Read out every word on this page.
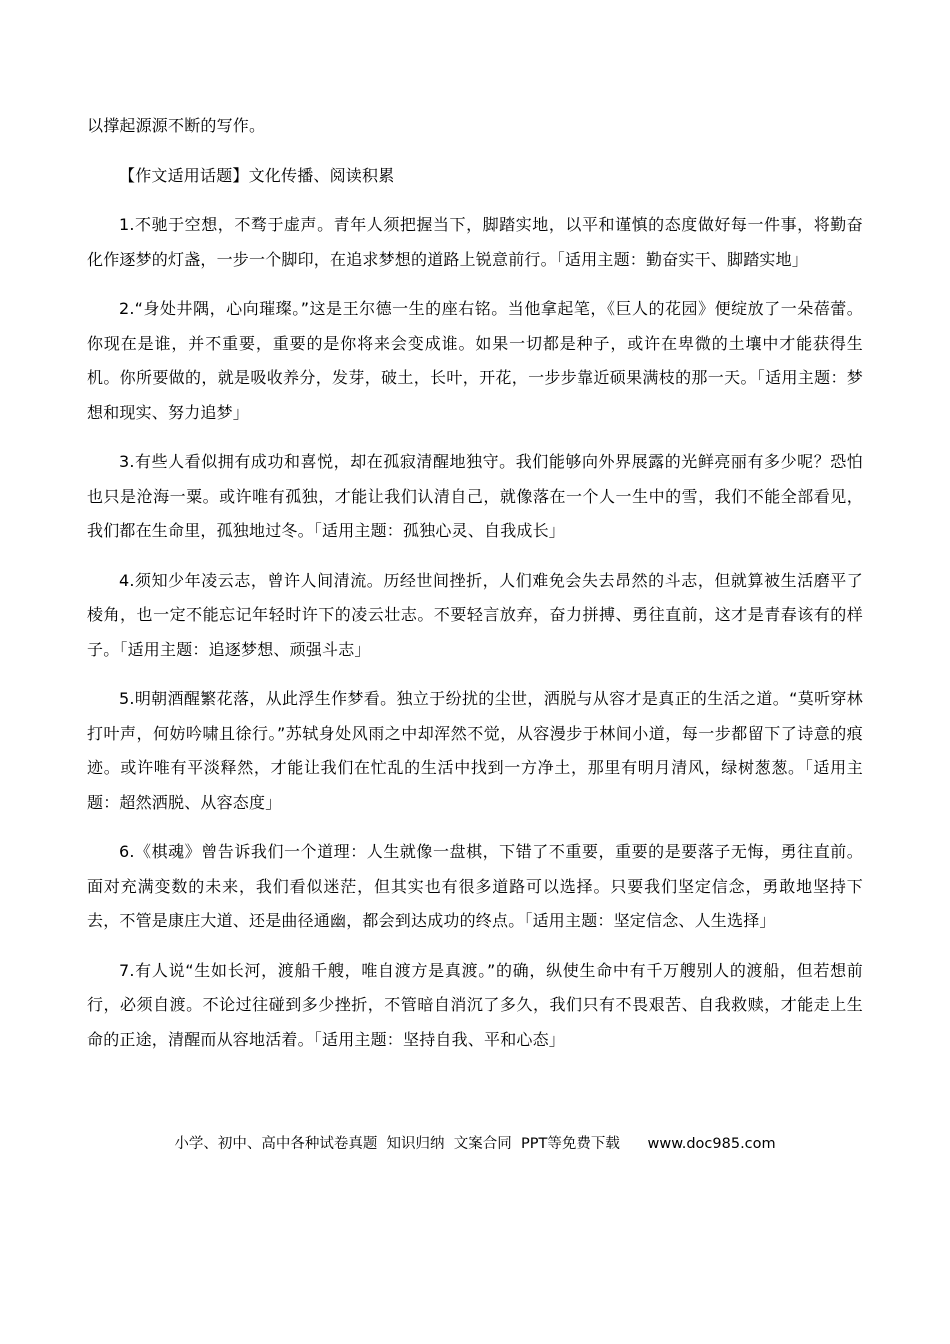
以撑起源源不断的写作。

【作文适用话题】文化传播、阅读积累

1.不驰于空想，不骛于虚声。青年人须把握当下，脚踏实地，以平和谨慎的态度做好每一件事，将勤奋化作逐梦的灯盏，一步一个脚印，在追求梦想的道路上锐意前行。「适用主题：勤奋实干、脚踏实地」

2.“身处井隅，心向璀璨。”这是王尔德一生的座右铭。当他拿起笔，《巨人的花园》便绽放了一朵蓓蕾。你现在是谁，并不重要，重要的是你将来会变成谁。如果一切都是种子，或许在卑微的土壤中才能获得生机。你所要做的，就是吸收养分，发芽，破土，长叶，开花，一步步靠近硕果满枝的那一天。「适用主题：梦想和现实、努力追梦」

3.有些人看似拥有成功和喜悦，却在孤寂清醒地独守。我们能够向外界展露的光鲜亮丽有多少呢？恐怕也只是沧海一粟。或许唯有孤独，才能让我们认清自己，就像落在一个人一生中的雪，我们不能全部看见，我们都在生命里，孤独地过冬。「适用主题：孤独心灵、自我成长」

4.须知少年凌云志，曾许人间清流。历经世间挫折，人们难免会失去昂然的斗志，但就算被生活磨平了棱角，也一定不能忘记年轻时许下的凌云壮志。不要轻言放弃，奋力拼搏、勇往直前，这才是青春该有的样子。「适用主题：追逐梦想、顽强斗志」

5.明朝酒醒繁花落，从此浮生作梦看。独立于纷扰的尘世，洒脱与从容才是真正的生活之道。“莫听穿林打叶声，何妨吟啸且徐行。”苏轼身处风雨之中却浑然不觉，从容漫步于林间小道，每一步都留下了诗意的痕迹。或许唯有平淡释然，才能让我们在忙乱的生活中找到一方净土，那里有明月清风，绿树葱葱。「适用主题：超然洒脱、从容态度」

6.《棋魂》曾告诉我们一个道理：人生就像一盘棋，下错了不重要，重要的是要落子无悔，勇往直前。面对充满变数的未来，我们看似迷茫，但其实也有很多道路可以选择。只要我们坚定信念，勇敢地坚持下去，不管是康庄大道、还是曲径通幽，都会到达成功的终点。「适用主题：坚定信念、人生选择」

7.有人说“生如长河，渡船千艘，唯自渡方是真渡。”的确，纵使生命中有千万艘别人的渡船，但若想前行，必须自渡。不论过往碰到多少挫折，不管暗自消沉了多久，我们只有不畏艰苦、自我救赎，才能走上生命的正途，清醒而从容地活着。「适用主题：坚持自我、平和心态」

小学、初中、高中各种试卷真题  知识归纳  文案合同  PPT等免费下载      www.doc985.com
